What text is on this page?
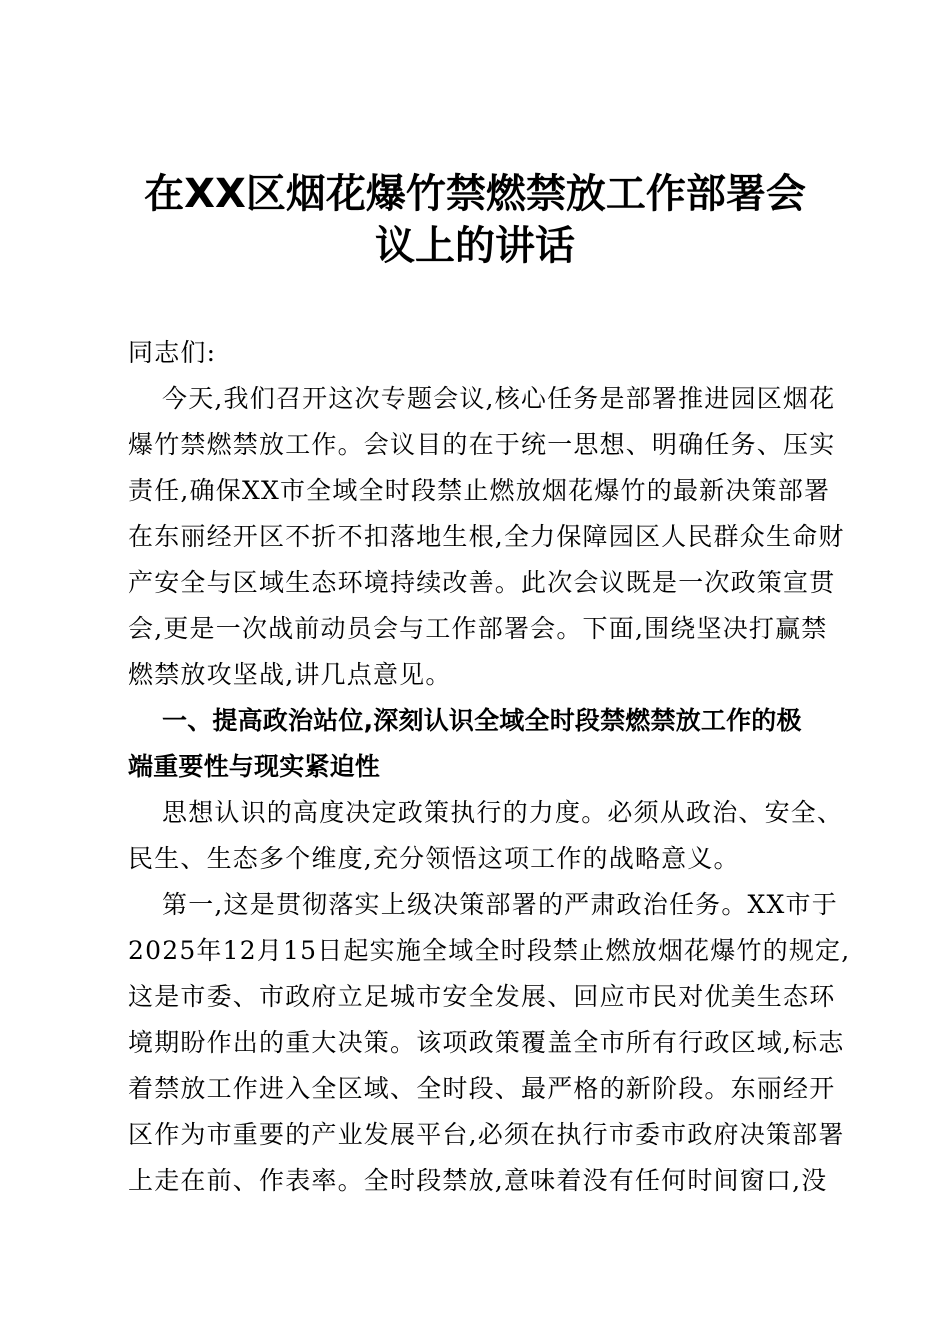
在XX区烟花爆竹禁燃禁放工作部署会
议上的讲话
同志们:
今天,我们召开这次专题会议,核心任务是部署推进园区烟花
爆竹禁燃禁放工作。会议目的在于统一思想、明确任务、压实
责任,确保XX市全域全时段禁止燃放烟花爆竹的最新决策部署
在东丽经开区不折不扣落地生根,全力保障园区人民群众生命财
产安全与区域生态环境持续改善。此次会议既是一次政策宣贯
会,更是一次战前动员会与工作部署会。下面,围绕坚决打赢禁
燃禁放攻坚战,讲几点意见。
一、提高政治站位,深刻认识全域全时段禁燃禁放工作的极
端重要性与现实紧迫性
思想认识的高度决定政策执行的力度。必须从政治、安全、
民生、生态多个维度,充分领悟这项工作的战略意义。
第一,这是贯彻落实上级决策部署的严肃政治任务。XX市于
2025年12月15日起实施全域全时段禁止燃放烟花爆竹的规定,
这是市委、市政府立足城市安全发展、回应市民对优美生态环
境期盼作出的重大决策。该项政策覆盖全市所有行政区域,标志
着禁放工作进入全区域、全时段、最严格的新阶段。东丽经开
区作为市重要的产业发展平台,必须在执行市委市政府决策部署
上走在前、作表率。全时段禁放,意味着没有任何时间窗口,没
